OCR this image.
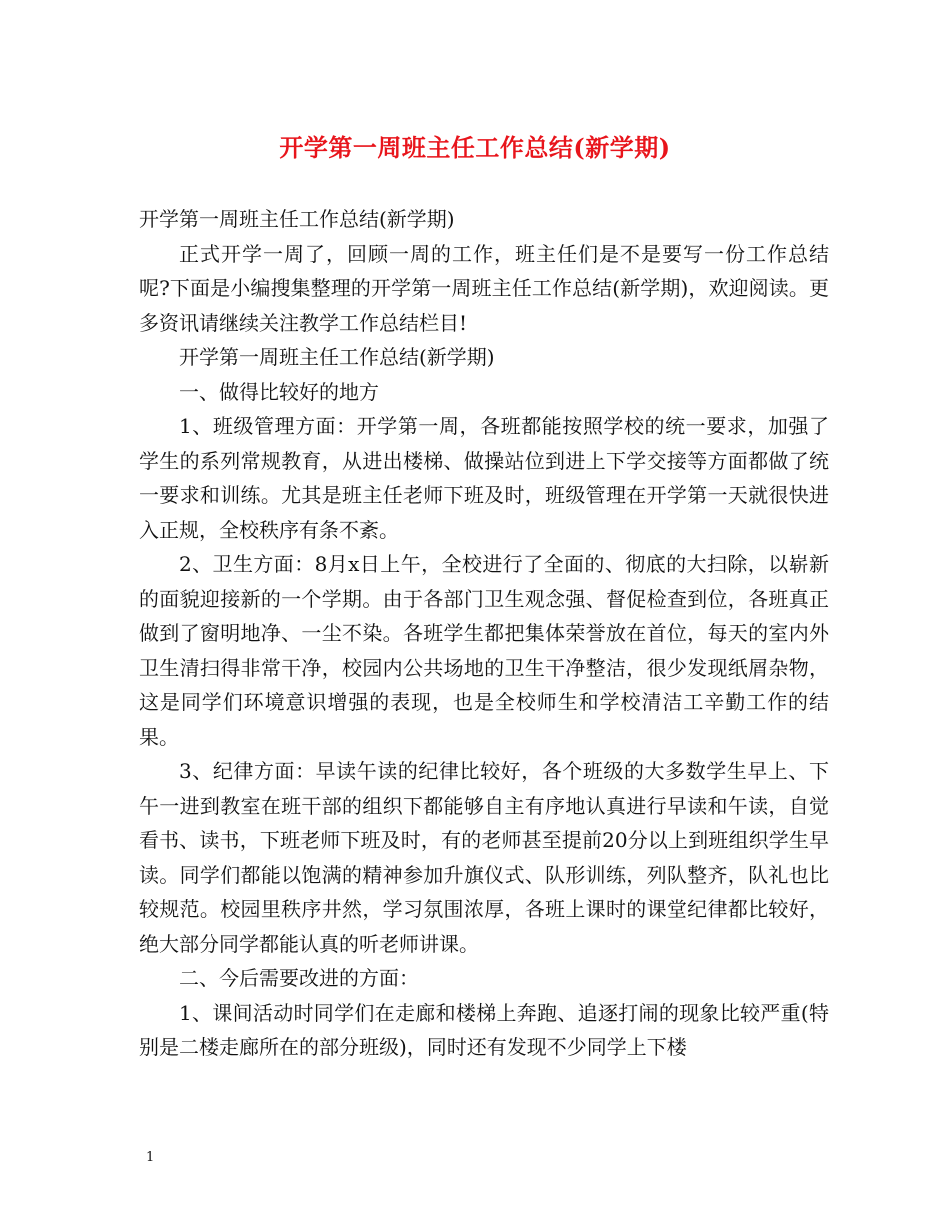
开学第一周班主任工作总结(新学期)

开学第一周班主任工作总结(新学期)

正式开学一周了，回顾一周的工作，班主任们是不是要写一份工作总结呢?下面是小编搜集整理的开学第一周班主任工作总结(新学期)，欢迎阅读。更多资讯请继续关注教学工作总结栏目!

开学第一周班主任工作总结(新学期)

一、做得比较好的地方

1、班级管理方面：开学第一周，各班都能按照学校的统一要求，加强了学生的系列常规教育，从进出楼梯、做操站位到进上下学交接等方面都做了统一要求和训练。尤其是班主任老师下班及时，班级管理在开学第一天就很快进入正规，全校秩序有条不紊。

2、卫生方面：8月x日上午，全校进行了全面的、彻底的大扫除，以崭新的面貌迎接新的一个学期。由于各部门卫生观念强、督促检查到位，各班真正做到了窗明地净、一尘不染。各班学生都把集体荣誉放在首位，每天的室内外卫生清扫得非常干净，校园内公共场地的卫生干净整洁，很少发现纸屑杂物，这是同学们环境意识增强的表现，也是全校师生和学校清洁工辛勤工作的结果。

3、纪律方面：早读午读的纪律比较好，各个班级的大多数学生早上、下午一进到教室在班干部的组织下都能够自主有序地认真进行早读和午读，自觉看书、读书，下班老师下班及时，有的老师甚至提前20分以上到班组织学生早读。同学们都能以饱满的精神参加升旗仪式、队形训练，列队整齐，队礼也比较规范。校园里秩序井然，学习氛围浓厚，各班上课时的课堂纪律都比较好，绝大部分同学都能认真的听老师讲课。

二、今后需要改进的方面：

1、课间活动时同学们在走廊和楼梯上奔跑、追逐打闹的现象比较严重(特别是二楼走廊所在的部分班级)，同时还有发现不少同学上下楼

1
